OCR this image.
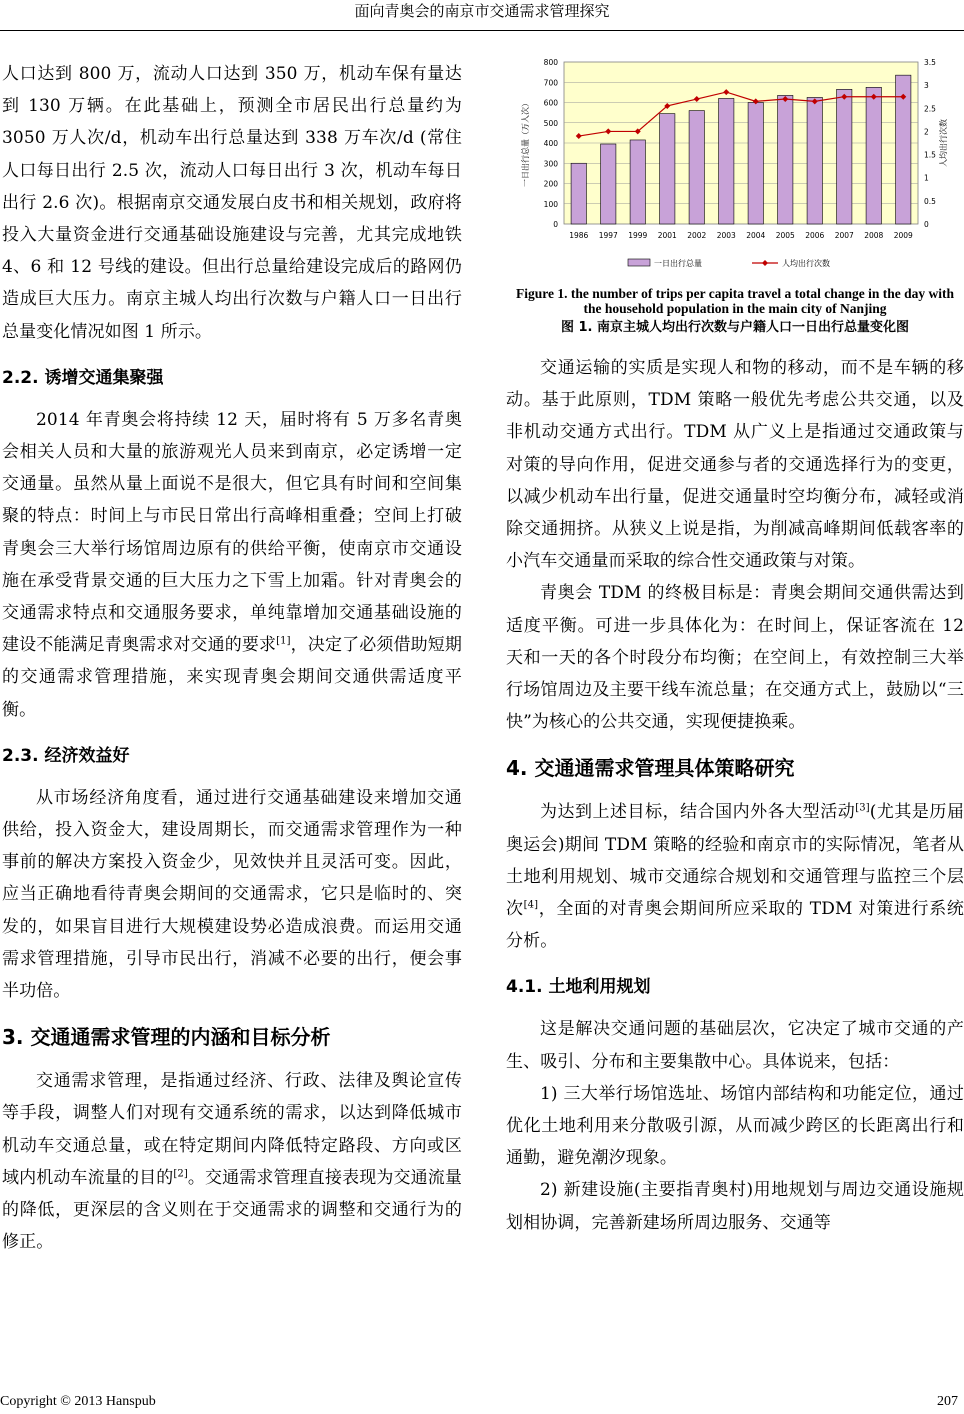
面向青奥会的南京市交通需求管理探究

人口达到 800 万，流动人口达到 350 万，机动车保有量达到 130 万辆。在此基础上，预测全市居民出行总量约为 3050 万人次/d，机动车出行总量达到 338 万车次/d (常住人口每日出行 2.5 次，流动人口每日出行 3 次，机动车每日出行 2.6 次)。根据南京交通发展白皮书和相关规划，政府将投入大量资金进行交通基础设施建设与完善，尤其完成地铁 4、6 和 12 号线的建设。但出行总量给建设完成后的路网仍造成巨大压力。南京主城人均出行次数与户籍人口一日出行总量变化情况如图 1 所示。

2.2. 诱增交通集聚强

2014 年青奥会将持续 12 天，届时将有 5 万多名青奥会相关人员和大量的旅游观光人员来到南京，必定诱增一定交通量。虽然从量上面说不是很大，但它具有时间和空间集聚的特点：时间上与市民日常出行高峰相重叠；空间上打破青奥会三大举行场馆周边原有的供给平衡，使南京市交通设施在承受背景交通的巨大压力之下雪上加霜。针对青奥会的交通需求特点和交通服务要求，单纯靠增加交通基础设施的建设不能满足青奥需求对交通的要求[1]，决定了必须借助短期的交通需求管理措施，来实现青奥会期间交通供需适度平衡。

2.3. 经济效益好

从市场经济角度看，通过进行交通基础建设来增加交通供给，投入资金大，建设周期长，而交通需求管理作为一种事前的解决方案投入资金少，见效快并且灵活可变。因此，应当正确地看待青奥会期间的交通需求，它只是临时的、突发的，如果盲目进行大规模建设势必造成浪费。而运用交通需求管理措施，引导市民出行，消减不必要的出行，便会事半功倍。

3. 交通通需求管理的内涵和目标分析

交通需求管理，是指通过经济、行政、法律及舆论宣传等手段，调整人们对现有交通系统的需求，以达到降低城市机动车交通总量，或在特定期间内降低特定路段、方向或区域内机动车流量的目的[2]。交通需求管理直接表现为交通流量的降低，更深层的含义则在于交通需求的调整和交通行为的修正。

0
100
200
300
400
500
600
700
800
0
0.5
1
1.5
2
2.5
3
3.5
1986 1997 1999 2001 2002 2003 2004 2005 2006 2007 2008 2009
一日出行总量（万人次）	人均出行次数
一日出行总量	人均出行次数
Figure 1. the number of trips per capita travel a total change in the day with the household population in the main city of Nanjing
图 1. 南京主城人均出行次数与户籍人口一日出行总量变化图

交通运输的实质是实现人和物的移动，而不是车辆的移动。基于此原则，TDM 策略一般优先考虑公共交通，以及非机动交通方式出行。TDM 从广义上是指通过交通政策与对策的导向作用，促进交通参与者的交通选择行为的变更，以减少机动车出行量，促进交通量时空均衡分布，减轻或消除交通拥挤。从狭义上说是指，为削减高峰期间低载客率的小汽车交通量而采取的综合性交通政策与对策。

青奥会 TDM 的终极目标是：青奥会期间交通供需达到适度平衡。可进一步具体化为：在时间上，保证客流在 12 天和一天的各个时段分布均衡；在空间上，有效控制三大举行场馆周边及主要干线车流总量；在交通方式上，鼓励以“三快”为核心的公共交通，实现便捷换乘。

4. 交通通需求管理具体策略研究

为达到上述目标，结合国内外各大型活动[3](尤其是历届奥运会)期间 TDM 策略的经验和南京市的实际情况，笔者从土地利用规划、城市交通综合规划和交通管理与监控三个层次[4]，全面的对青奥会期间所应采取的 TDM 对策进行系统分析。

4.1. 土地利用规划

这是解决交通问题的基础层次，它决定了城市交通的产生、吸引、分布和主要集散中心。具体说来，包括：

1) 三大举行场馆选址、场馆内部结构和功能定位，通过优化土地利用来分散吸引源，从而减少跨区的长距离出行和通勤，避免潮汐现象。

2) 新建设施(主要指青奥村)用地规划与周边交通设施规划相协调，完善新建场所周边服务、交通等

Copyright © 2013 Hanspub	207
